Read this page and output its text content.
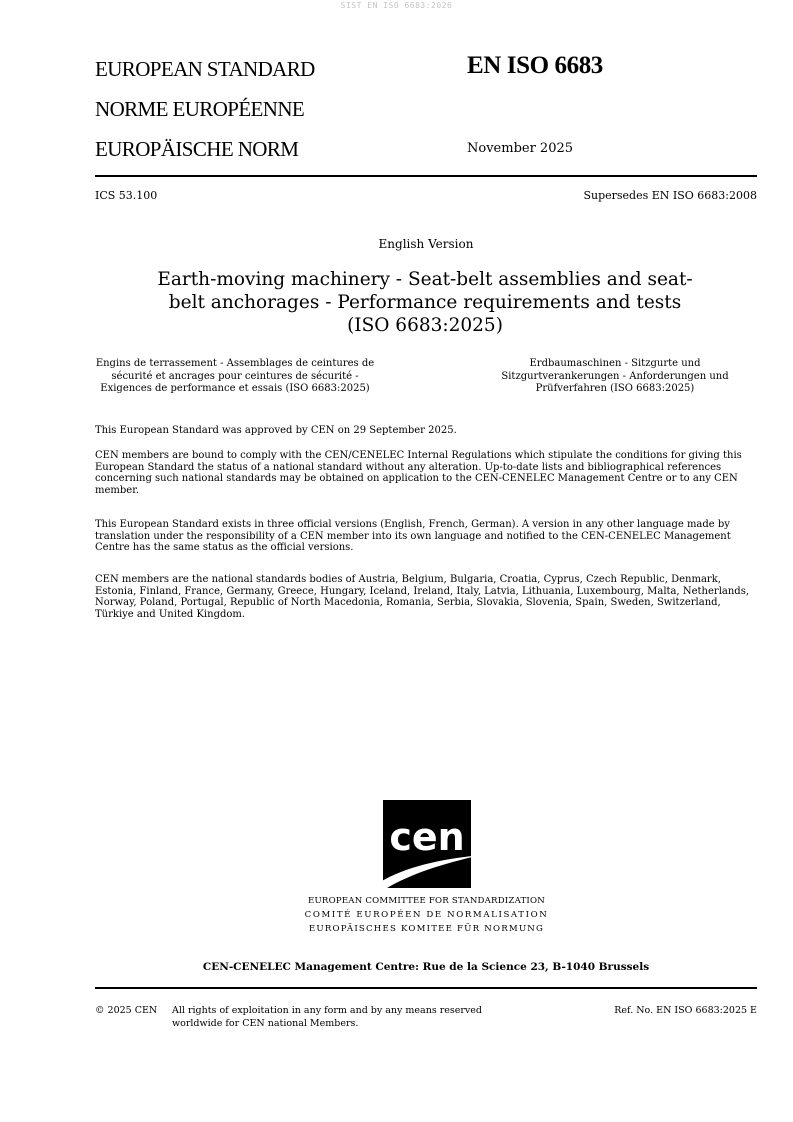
SIST EN ISO 6683:2026
EUROPEAN STANDARD
NORME EUROPÉENNE
EUROPÄISCHE NORM
EN ISO 6683
November 2025
ICS 53.100	Supersedes EN ISO 6683:2008
English Version
Earth-moving machinery - Seat-belt assemblies and seat-
belt anchorages - Performance requirements and tests
(ISO 6683:2025)
Engins de terrassement - Assemblages de ceintures de
sécurité et ancrages pour ceintures de sécurité -
Exigences de performance et essais (ISO 6683:2025)
Erdbaumaschinen - Sitzgurte und
Sitzgurtverankerungen - Anforderungen und
Prüfverfahren (ISO 6683:2025)
This European Standard was approved by CEN on 29 September 2025.
CEN members are bound to comply with the CEN/CENELEC Internal Regulations which stipulate the conditions for giving this European Standard the status of a national standard without any alteration. Up-to-date lists and bibliographical references concerning such national standards may be obtained on application to the CEN-CENELEC Management Centre or to any CEN member.
This European Standard exists in three official versions (English, French, German). A version in any other language made by translation under the responsibility of a CEN member into its own language and notified to the CEN-CENELEC Management Centre has the same status as the official versions.
CEN members are the national standards bodies of Austria, Belgium, Bulgaria, Croatia, Cyprus, Czech Republic, Denmark, Estonia, Finland, France, Germany, Greece, Hungary, Iceland, Ireland, Italy, Latvia, Lithuania, Luxembourg, Malta, Netherlands, Norway, Poland, Portugal, Republic of North Macedonia, Romania, Serbia, Slovakia, Slovenia, Spain, Sweden, Switzerland, Türkiye and United Kingdom.
cen
EUROPEAN COMMITTEE FOR STANDARDIZATION
COMITÉ EUROPÉEN DE NORMALISATION
EUROPÄISCHES KOMITEE FÜR NORMUNG
CEN-CENELEC Management Centre: Rue de la Science 23, B-1040 Brussels
© 2025 CEN All rights of exploitation in any form and by any means reserved
worldwide for CEN national Members.
Ref. No. EN ISO 6683:2025 E
